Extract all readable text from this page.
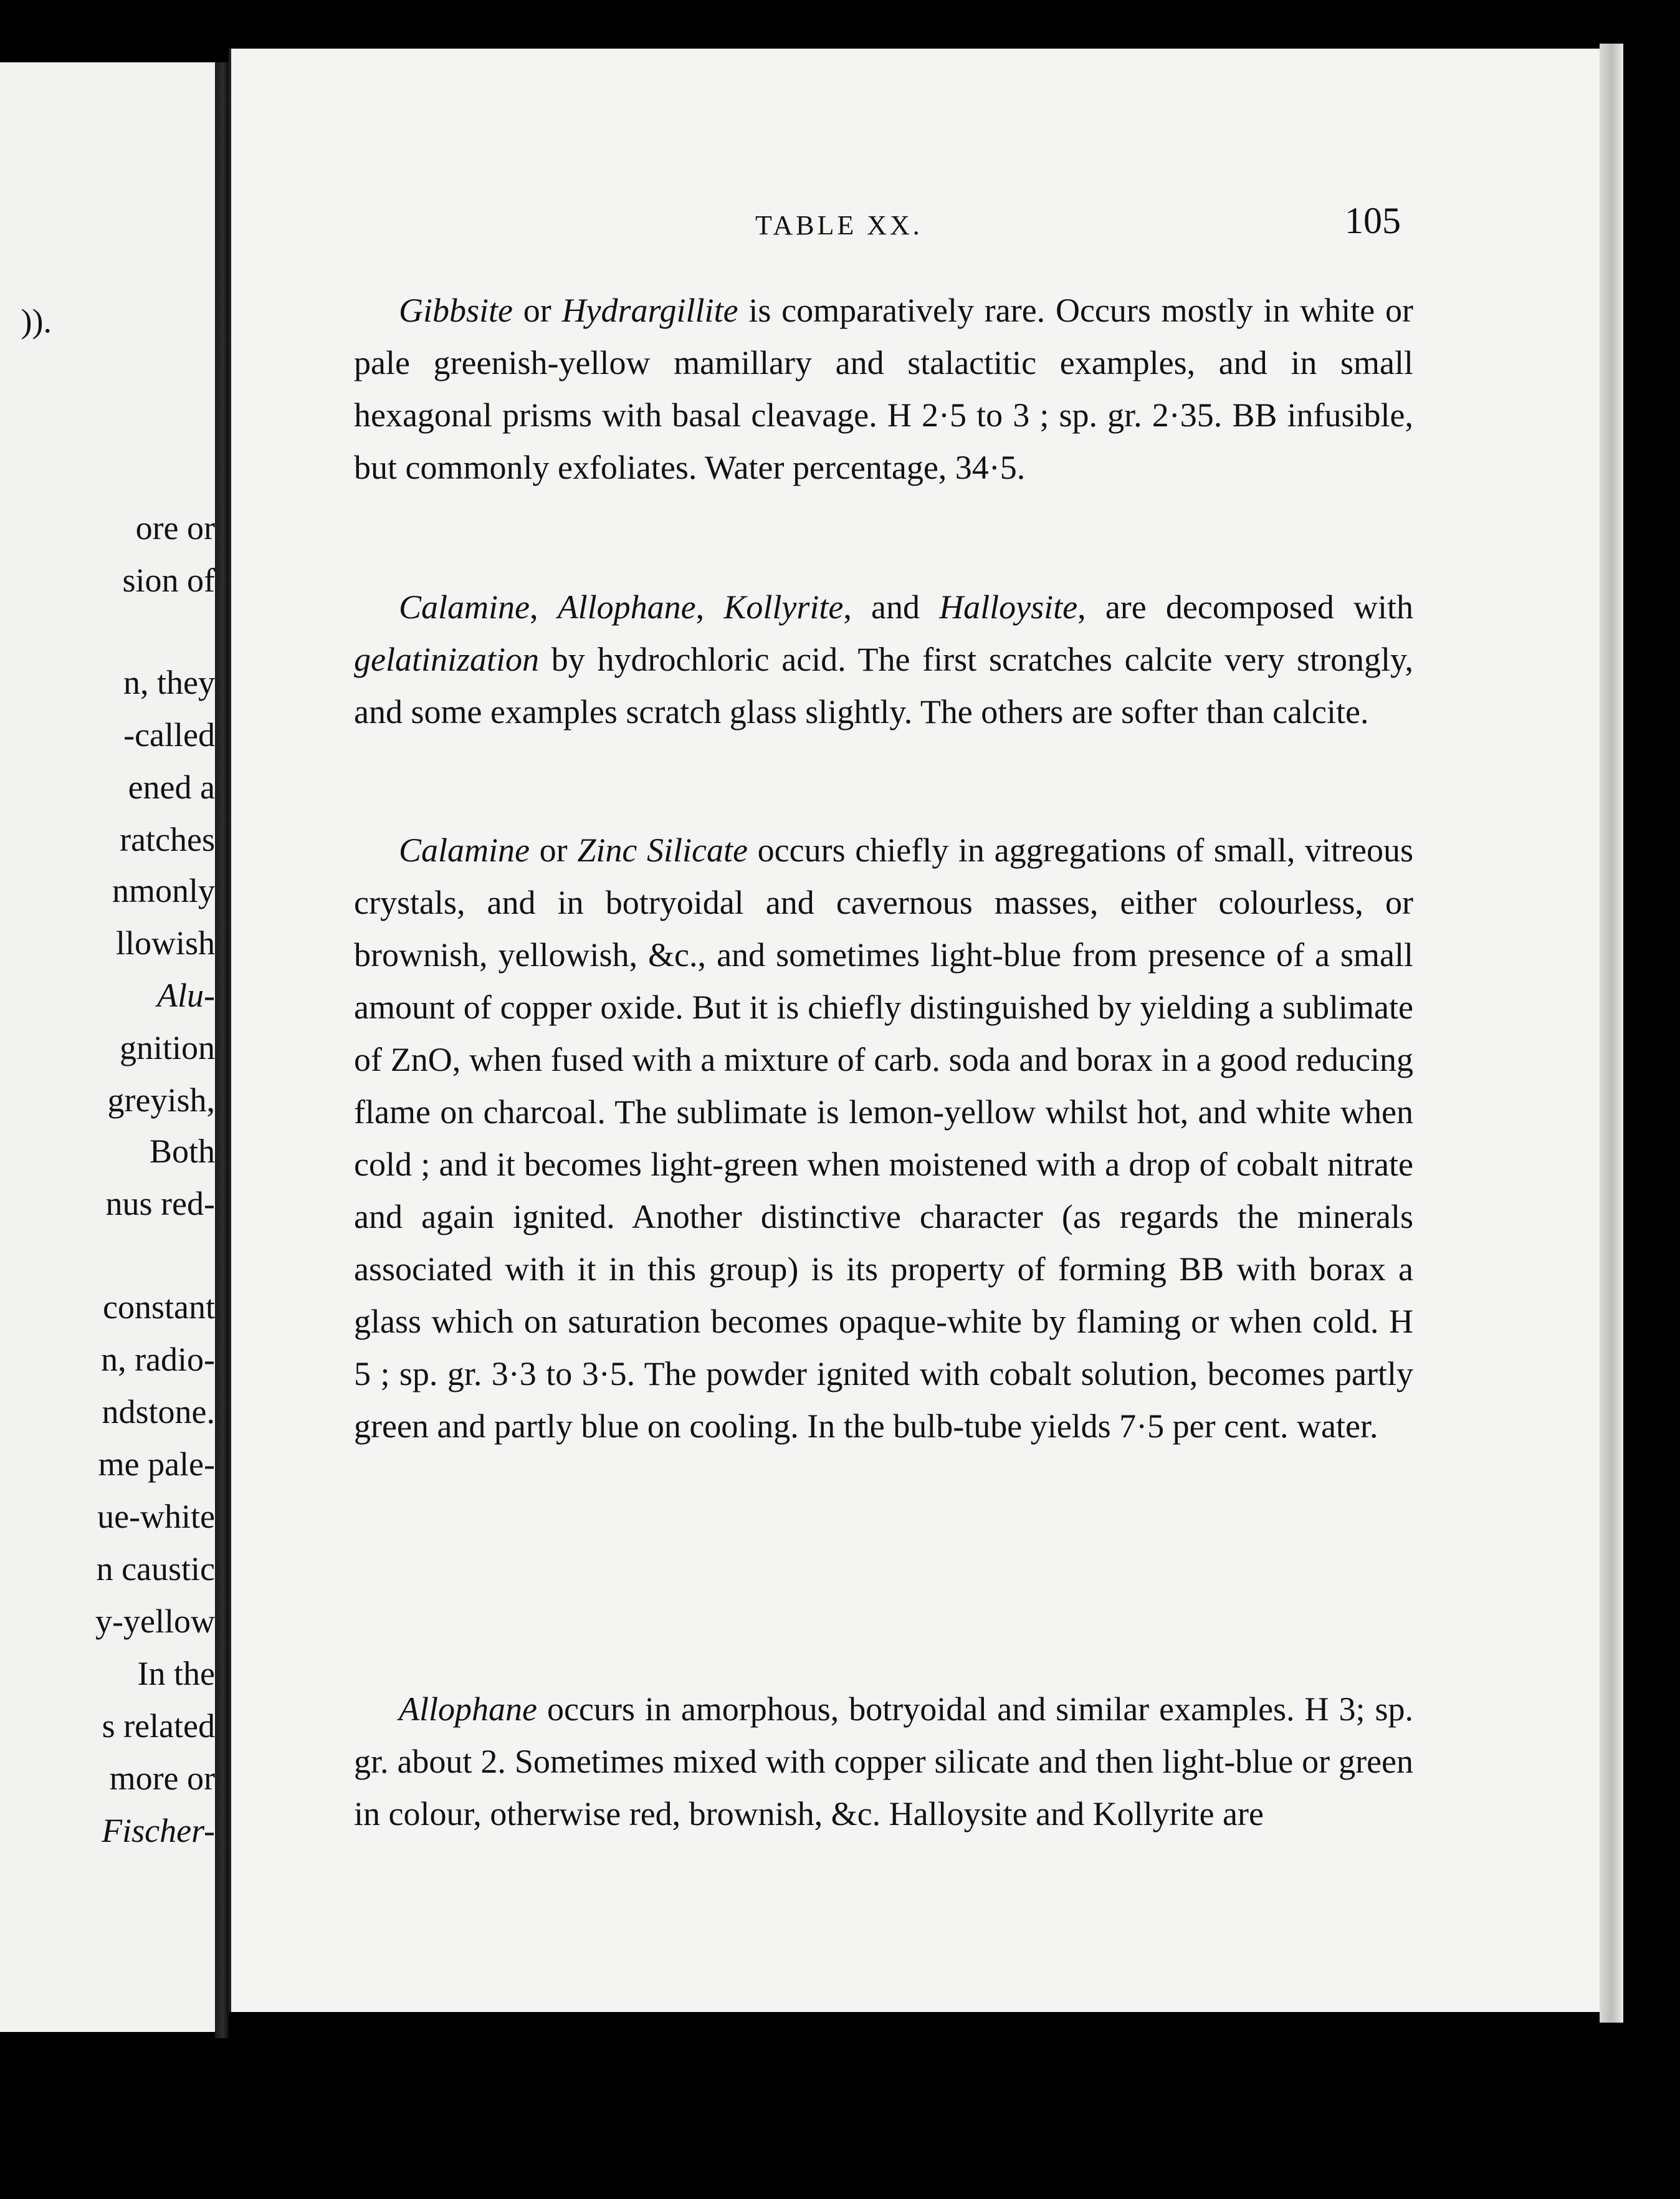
)).
ore or
sion of
n, they
-called
ened a
ratches
nmonly
llowish
Alu-
gnition
greyish,
Both
nus red-
constant
n, radio-
ndstone.
me pale-
ue-white
n caustic
y-yellow
In the
s related
more or
Fischer-
TABLE XX.	105

Gibbsite or Hydrargillite is comparatively rare. Occurs mostly in white or pale greenish-yellow mamillary and stalactitic examples, and in small hexagonal prisms with basal cleavage. H 2·5 to 3 ; sp. gr. 2·35. BB infusible, but commonly exfoliates. Water percentage, 34·5.

Calamine, Allophane, Kollyrite, and Halloysite, are decomposed with gelatinization by hydrochloric acid. The first scratches calcite very strongly, and some examples scratch glass slightly. The others are softer than calcite.

Calamine or Zinc Silicate occurs chiefly in aggregations of small, vitreous crystals, and in botryoidal and cavernous masses, either colourless, or brownish, yellowish, &c., and sometimes light-blue from presence of a small amount of copper oxide. But it is chiefly distinguished by yielding a sublimate of ZnO, when fused with a mixture of carb. soda and borax in a good reducing flame on charcoal. The sublimate is lemon-yellow whilst hot, and white when cold ; and it becomes light-green when moistened with a drop of cobalt nitrate and again ignited. Another distinctive character (as regards the minerals associated with it in this group) is its property of forming BB with borax a glass which on saturation becomes opaque-white by flaming or when cold. H 5 ; sp. gr. 3·3 to 3·5. The powder ignited with cobalt solution, becomes partly green and partly blue on cooling. In the bulb-tube yields 7·5 per cent. water.

Allophane occurs in amorphous, botryoidal and similar examples. H 3; sp. gr. about 2. Sometimes mixed with copper silicate and then light-blue or green in colour, otherwise red, brownish, &c. Halloysite and Kollyrite are
